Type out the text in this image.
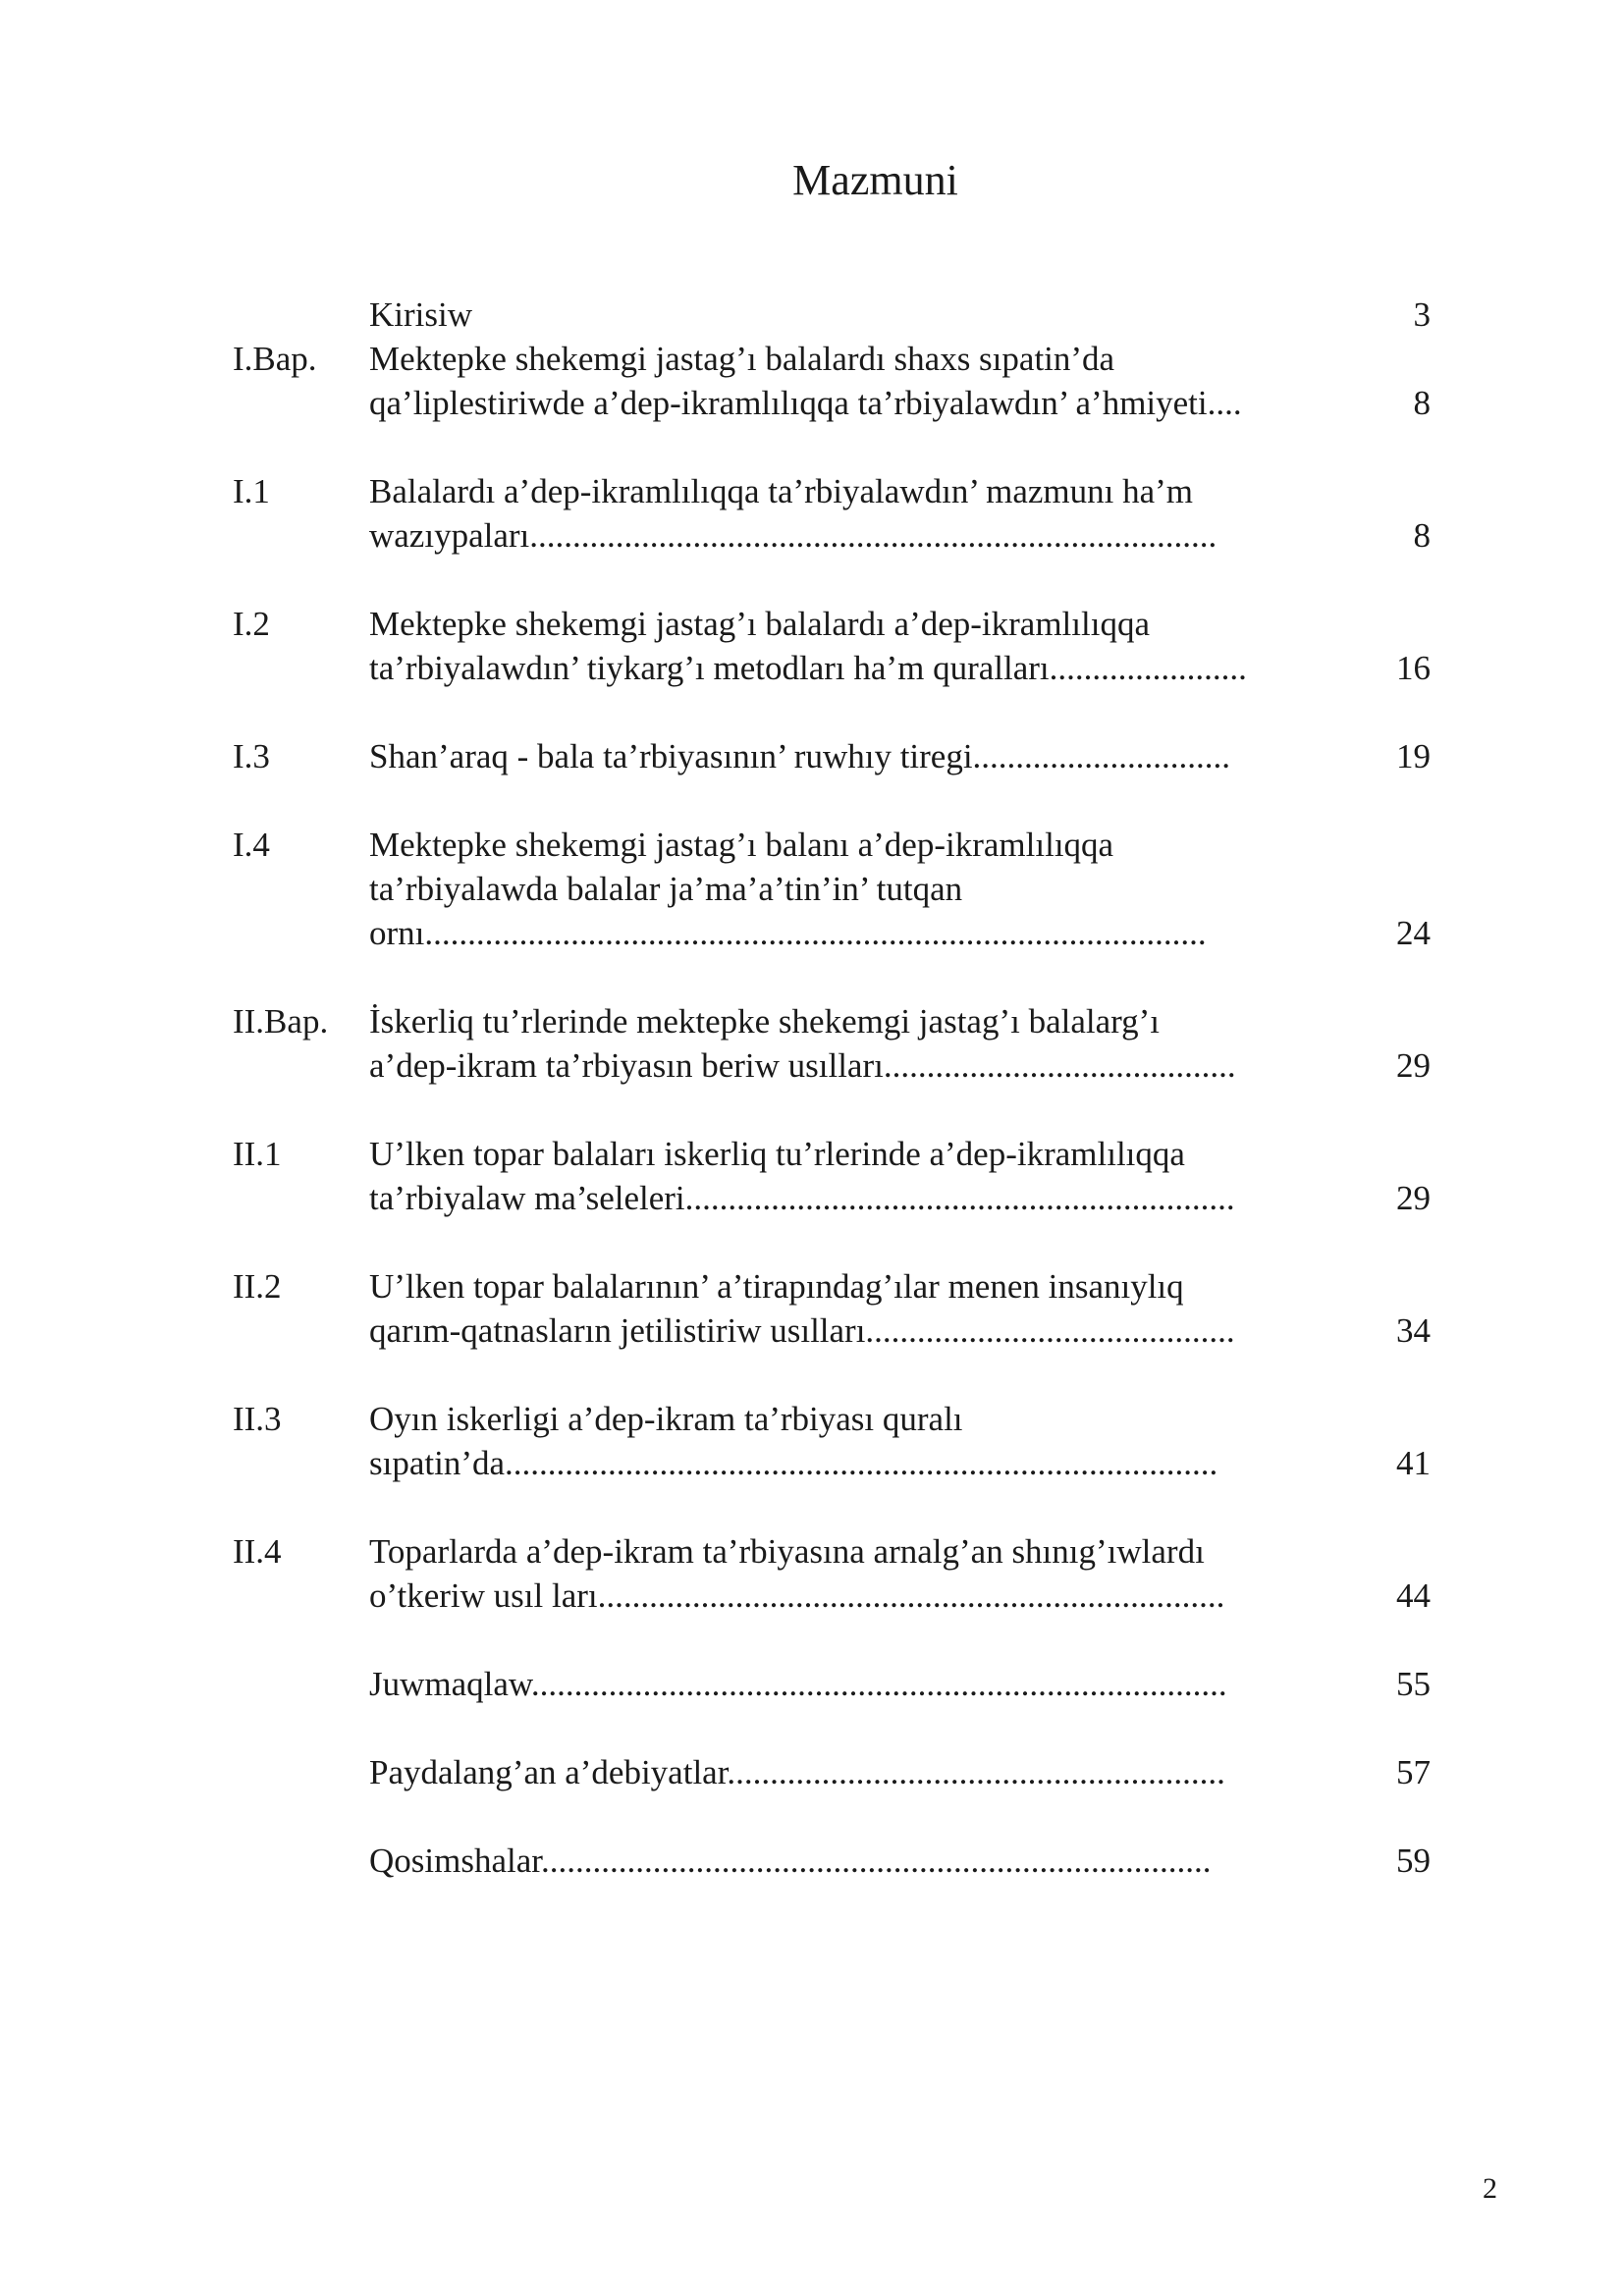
Mazmuni
Kirisiw	3
I.Bap.	Mektepke shekemgi jastag’ı balalardı shaxs sıpatin’da
qa’liplestiriwde a’dep-ikramlılıqqa ta’rbiyalawdın’ a’hmiyeti....	8
I.1	Balalardı a’dep-ikramlılıqqa ta’rbiyalawdın’ mazmunı ha’m
wazıypaları................................................................................	8
I.2	Mektepke shekemgi jastag’ı balalardı a’dep-ikramlılıqqa
ta’rbiyalawdın’ tiykarg’ı metodları ha’m quralları.......................	16
I.3	Shan’araq - bala ta’rbiyasının’ ruwhıy tiregi..............................	19
I.4	Mektepke shekemgi jastag’ı balanı a’dep-ikramlılıqqa
ta’rbiyalawda balalar ja’ma’a’tin’in’ tutqan
ornı...........................................................................................	24
II.Bap.	İskerliq tu’rlerinde mektepke shekemgi jastag’ı balalarg’ı
a’dep-ikram ta’rbiyasın beriw usılları.........................................	29
II.1	U’lken topar balaları iskerliq tu’rlerinde a’dep-ikramlılıqqa
ta’rbiyalaw ma’seleleri................................................................	29
II.2	U’lken topar balalarının’ a’tirapındag’ılar menen insanıylıq
qarım-qatnasların jetilistiriw usılları...........................................	34
II.3	Oyın iskerligi a’dep-ikram ta’rbiyası quralı
sıpatin’da...................................................................................	41
II.4	Toparlarda a’dep-ikram ta’rbiyasına arnalg’an shınıg’ıwlardı
o’tkeriw usıl ları.........................................................................	44
Juwmaqlaw.................................................................................	55
Paydalang’an a’debiyatlar..........................................................	57
Qosimshalar..............................................................................	59
2
